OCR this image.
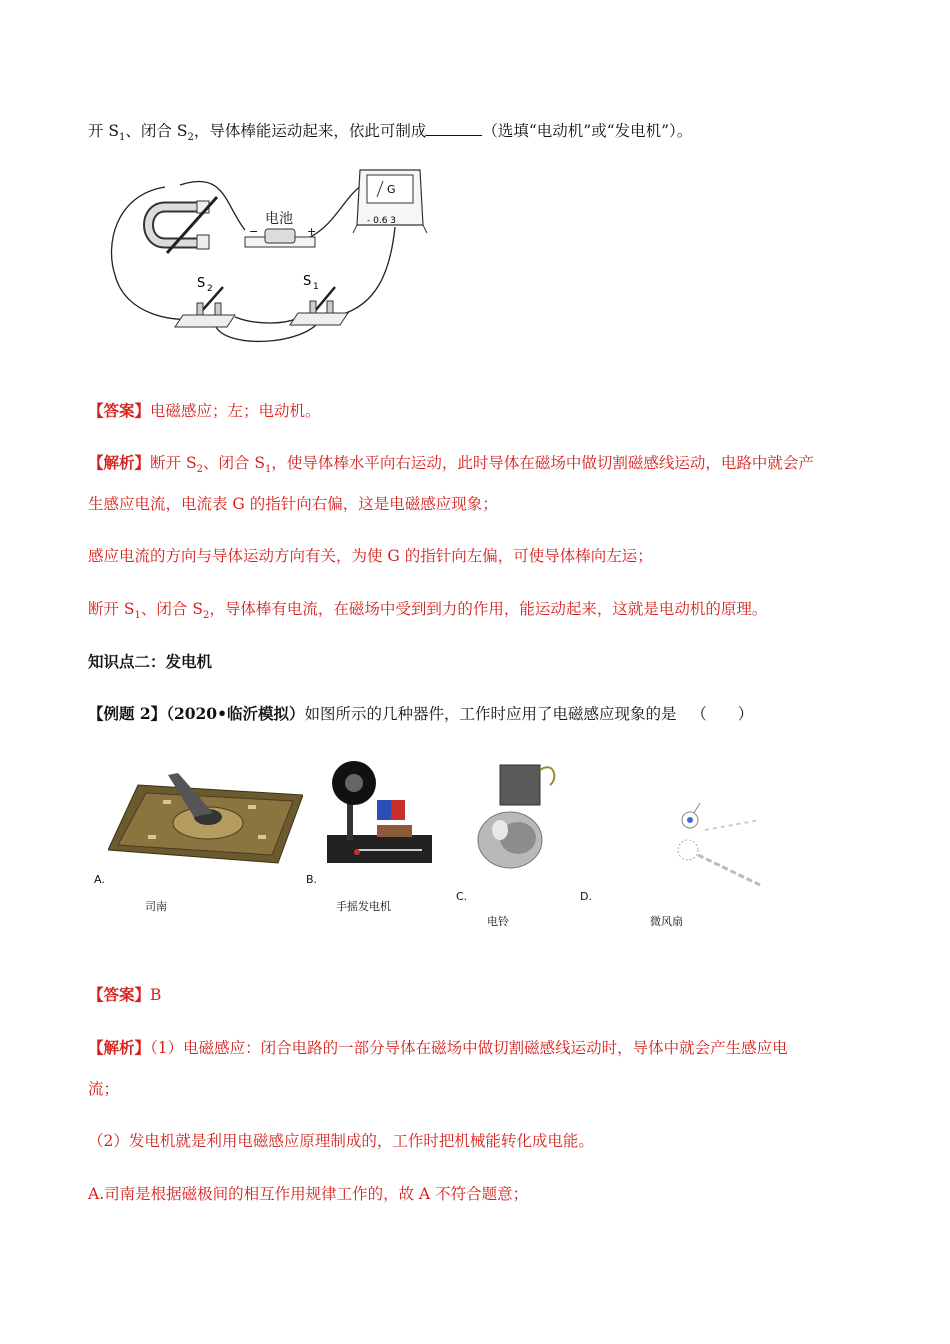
开 $S_1$、闭合 $S_2$，导体棒能运动起来，依此可制成	（选填“电动机”或“发电机”）。
电池
−	+
G
- 0.6 3
S 2	S 1
【答案】电磁感应；左；电动机。
【解析】断开 $S_2$、闭合 $S_1$，使导体棒水平向右运动，此时导体在磁场中做切割磁感线运动，电路中就会产
生感应电流，电流表 G 的指针向右偏，这是电磁感应现象；
感应电流的方向与导体运动方向有关，为使 G 的指针向左偏，可使导体棒向左运；
断开 $S_1$、闭合 $S_2$，导体棒有电流，在磁场中受到到力的作用，能运动起来，这就是电动机的原理。
知识点二：发电机
【例题 2】（2020•临沂模拟）如图所示的几种器件，工作时应用了电磁感应现象的是 （　　）
A.
司南
B.
手摇发电机
C.
电铃
D.
微风扇
【答案】B
【解析】（1）电磁感应：闭合电路的一部分导体在磁场中做切割磁感线运动时，导体中就会产生感应电
流；
（2）发电机就是利用电磁感应原理制成的，工作时把机械能转化成电能。
A.司南是根据磁极间的相互作用规律工作的，故 A 不符合题意；
